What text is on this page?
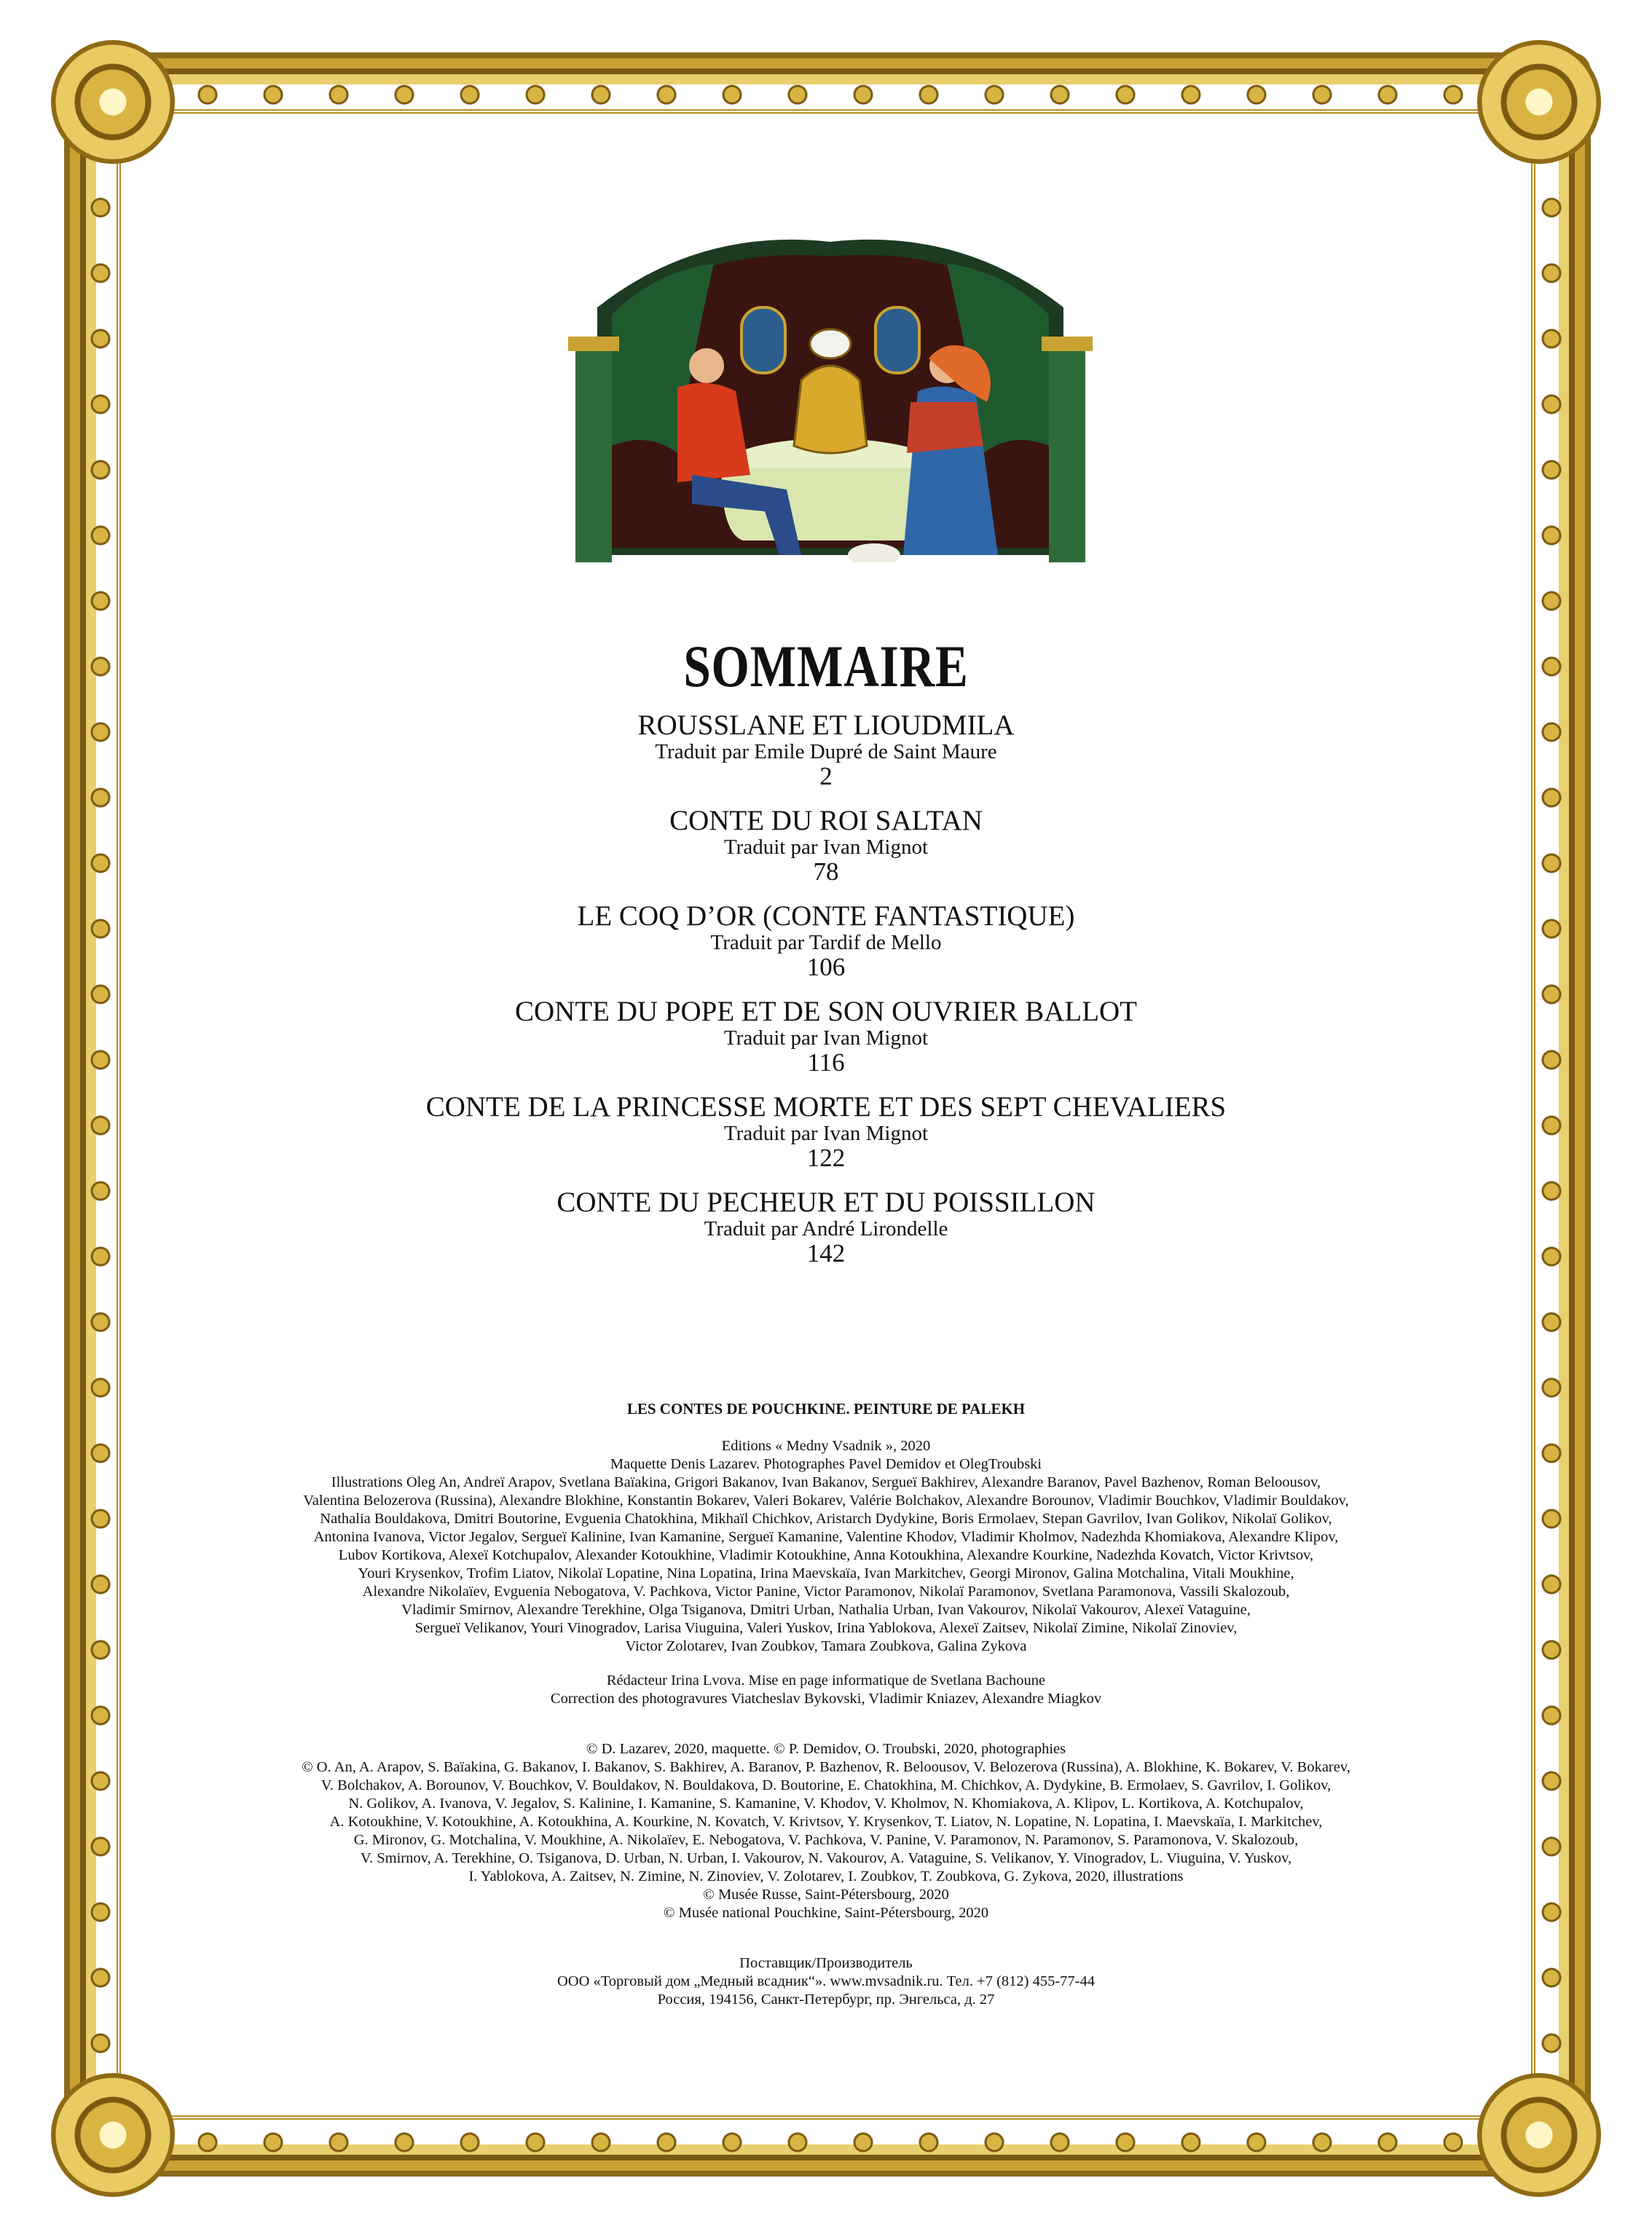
SOMMAIRE
ROUSSLANE ET LIOUDMILA
Traduit par Emile Dupré de Saint Maure
2
CONTE DU ROI SALTAN
Traduit par Ivan Mignot
78
LE COQ D’OR (CONTE FANTASTIQUE)
Traduit par Tardif de Mello
106
CONTE DU POPE ET DE SON OUVRIER BALLOT
Traduit par Ivan Mignot
116
CONTE DE LA PRINCESSE MORTE ET DES SEPT CHEVALIERS
Traduit par Ivan Mignot
122
CONTE DU PECHEUR ET DU POISSILLON
Traduit par André Lirondelle
142

LES CONTES DE POUCHKINE. PEINTURE DE PALEKH

Editions « Medny Vsadnik », 2020

Maquette Denis Lazarev. Photographes Pavel Demidov et OlegTroubski

Illustrations Oleg An, Andreï Arapov, Svetlana Baïakina, Grigori Bakanov, Ivan Bakanov, Sergueï Bakhirev, Alexandre Baranov, Pavel Bazhenov, Roman Beloousov,

Valentina Belozerova (Russina), Alexandre Blokhine, Konstantin Bokarev, Valeri Bokarev, Valérie Bolchakov, Alexandre Borounov, Vladimir Bouchkov, Vladimir Bouldakov,

Nathalia Bouldakova, Dmitri Boutorine, Evguenia Chatokhina, Mikhaïl Chichkov, Aristarch Dydykine, Boris Ermolaev, Stepan Gavrilov, Ivan Golikov, Nikolaï Golikov,

Antonina Ivanova, Victor Jegalov, Sergueï Kalinine, Ivan Kamanine, Sergueï Kamanine, Valentine Khodov, Vladimir Kholmov, Nadezhda Khomiakova, Alexandre Klipov,

Lubov Kortikova, Alexeï Kotchupalov, Alexander Kotoukhine, Vladimir Kotoukhine, Anna Kotoukhina, Alexandre Kourkine, Nadezhda Kovatch, Victor Krivtsov,

Youri Krysenkov, Trofim Liatov, Nikolaï Lopatine, Nina Lopatina, Irina Maevskaïa, Ivan Markitchev, Georgi Mironov, Galina Motchalina, Vitali Moukhine,

Alexandre Nikolaïev, Evguenia Nebogatova, V. Pachkova, Victor Panine, Victor Paramonov, Nikolaï Paramonov, Svetlana Paramonova, Vassili Skalozoub,

Vladimir Smirnov, Alexandre Terekhine, Olga Tsiganova, Dmitri Urban, Nathalia Urban, Ivan Vakourov, Nikolaï Vakourov, Alexeï Vataguine,

Sergueï Velikanov, Youri Vinogradov, Larisa Viuguina, Valeri Yuskov, Irina Yablokova, Alexeï Zaitsev, Nikolaï Zimine, Nikolaï Zinoviev,

Victor Zolotarev, Ivan Zoubkov, Tamara Zoubkova, Galina Zykova

Rédacteur Irina Lvova. Mise en page informatique de Svetlana Bachoune

Correction des photogravures Viatcheslav Bykovski, Vladimir Kniazev, Alexandre Miagkov

© D. Lazarev, 2020, maquette. © P. Demidov, O. Troubski, 2020, photographies

© O. An, A. Arapov, S. Baïakina, G. Bakanov, I. Bakanov, S. Bakhirev, A. Baranov, P. Bazhenov, R. Beloousov, V. Belozerova (Russina), A. Blokhine, K. Bokarev, V. Bokarev,

V. Bolchakov, A. Borounov, V. Bouchkov, V. Bouldakov, N. Bouldakova, D. Boutorine, E. Chatokhina, M. Chichkov, A. Dydykine, B. Ermolaev, S. Gavrilov, I. Golikov,

N. Golikov, A. Ivanova, V. Jegalov, S. Kalinine, I. Kamanine, S. Kamanine, V. Khodov, V. Kholmov, N. Khomiakova, A. Klipov, L. Kortikova, A. Kotchupalov,

A. Kotoukhine, V. Kotoukhine, A. Kotoukhina, A. Kourkine, N. Kovatch, V. Krivtsov, Y. Krysenkov, T. Liatov, N. Lopatine, N. Lopatina, I. Maevskaïa, I. Markitchev,

G. Mironov, G. Motchalina, V. Moukhine, A. Nikolaïev, E. Nebogatova, V. Pachkova, V. Panine, V. Paramonov, N. Paramonov, S. Paramonova, V. Skalozoub,

V. Smirnov, A. Terekhine, O. Tsiganova, D. Urban, N. Urban, I. Vakourov, N. Vakourov, A. Vataguine, S. Velikanov, Y. Vinogradov, L. Viuguina, V. Yuskov,

I. Yablokova, A. Zaitsev, N. Zimine, N. Zinoviev, V. Zolotarev, I. Zoubkov, T. Zoubkova, G. Zykova, 2020, illustrations

© Musée Russe, Saint-Pétersbourg, 2020

© Musée national Pouchkine, Saint-Pétersbourg, 2020

Поставщик/Производитель

ООО «Торговый дом „Медный всадник“». www.mvsadnik.ru. Тел. +7 (812) 455-77-44

Россия, 194156, Санкт-Петербург, пр. Энгельса, д. 27
